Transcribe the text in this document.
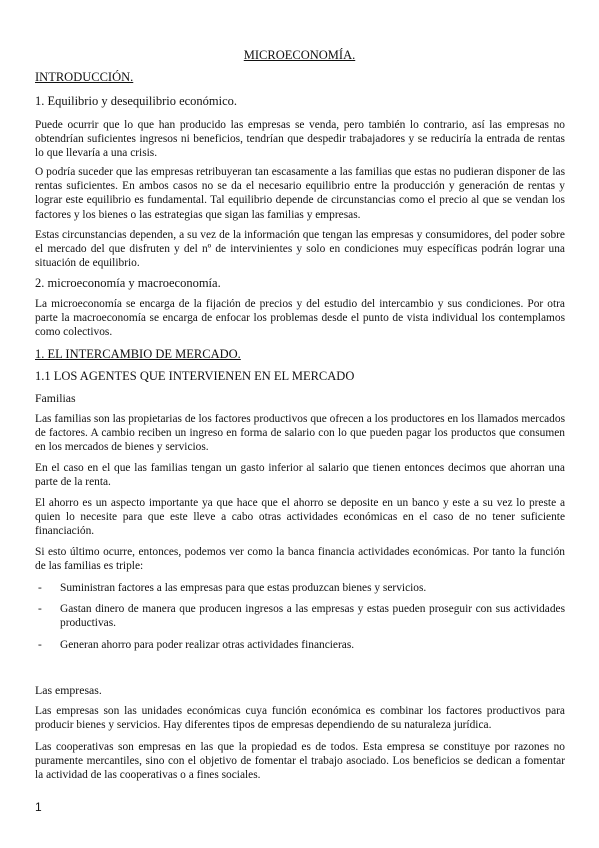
MICROECONOMÍA.
INTRODUCCIÓN.
1. Equilibrio y desequilibrio económico.

Puede ocurrir que lo que han producido las empresas se venda, pero también lo contrario, así las empresas no obtendrían suficientes ingresos ni beneficios, tendrían que despedir trabajadores y se reduciría la entrada de rentas lo que llevaría a una crisis.

O podría suceder que las empresas retribuyeran tan escasamente a las familias que estas no pudieran disponer de las rentas suficientes. En ambos casos no se da el necesario equilibrio entre la producción y generación de rentas y lograr este equilibrio es fundamental. Tal equilibrio depende de circunstancias como el precio al que se vendan los factores y los bienes o las estrategias que sigan las familias y empresas.

Estas circunstancias dependen, a su vez de la información que tengan las empresas y consumidores, del poder sobre el mercado del que disfruten y del nº de intervinientes y solo en condiciones muy específicas podrán lograr una situación de equilibrio.

2. microeconomía y macroeconomía.

La microeconomía se encarga de la fijación de precios y del estudio del intercambio y sus condiciones. Por otra parte la macroeconomía se encarga de enfocar los problemas desde el punto de vista individual los contemplamos como colectivos.

1. EL INTERCAMBIO DE MERCADO.
1.1 LOS AGENTES QUE INTERVIENEN EN EL MERCADO
Familias

Las familias son las propietarias de los factores productivos que ofrecen a los productores en los llamados mercados de factores. A cambio reciben un ingreso en forma de salario con lo que pueden pagar los productos que consumen en los mercados de bienes y servicios.

En el caso en el que las familias tengan un gasto inferior al salario que tienen entonces decimos que ahorran una parte de la renta.

El ahorro es un aspecto importante ya que hace que el ahorro se deposite en un banco y este a su vez lo preste a quien lo necesite para que este lleve a cabo otras actividades económicas en el caso de no tener suficiente financiación.

Si esto último ocurre, entonces, podemos ver como la banca financia actividades económicas. Por tanto la función de las familias es triple:

- Suministran factores a las empresas para que estas produzcan bienes y servicios.
- Gastan dinero de manera que producen ingresos a las empresas y estas pueden proseguir con sus actividades productivas.
- Generan ahorro para poder realizar otras actividades financieras.
Las empresas.

Las empresas son las unidades económicas cuya función económica es combinar los factores productivos para producir bienes y servicios. Hay diferentes tipos de empresas dependiendo de su naturaleza jurídica.

Las cooperativas son empresas en las que la propiedad es de todos. Esta empresa se constituye por razones no puramente mercantiles, sino con el objetivo de fomentar el trabajo asociado. Los beneficios se dedican a fomentar la actividad de las cooperativas o a fines sociales.

1
